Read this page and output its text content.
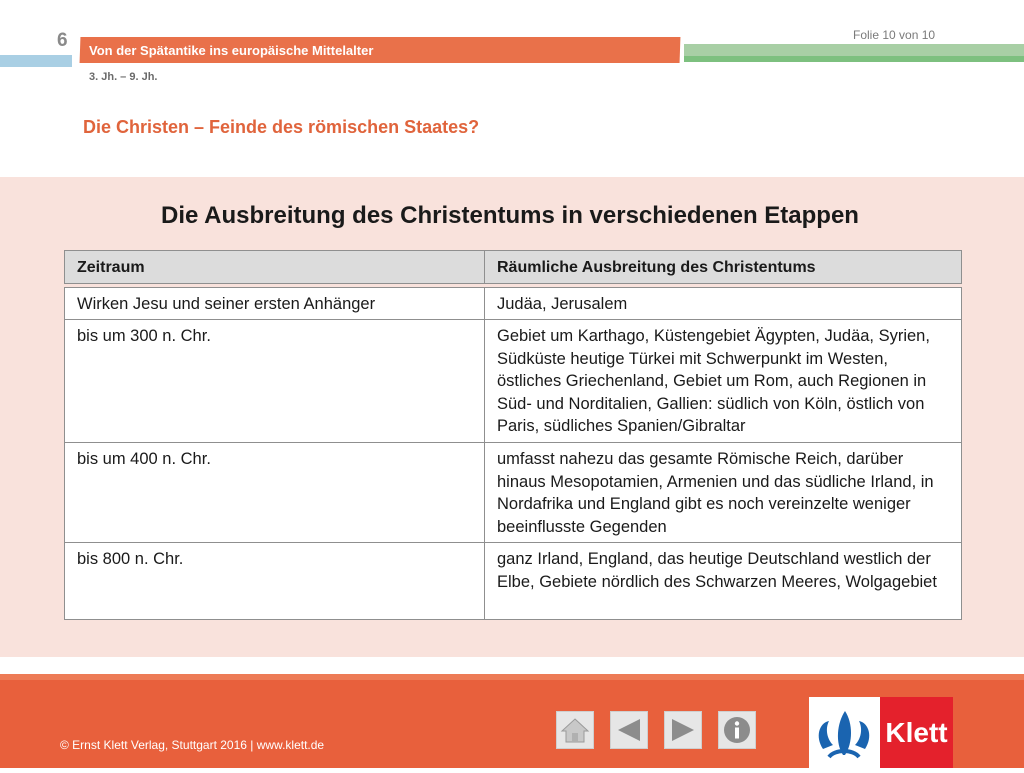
6 Von der Spätantike ins europäische Mittelalter
Folie 10 von 10
3. Jh. – 9. Jh.
Die Christen – Feinde des römischen Staates?
Die Ausbreitung des Christentums in verschiedenen Etappen
Zeitraum	Räumliche Ausbreitung des Christentums
Wirken Jesu und seiner ersten Anhänger	Judäa, Jerusalem
bis um 300 n. Chr.	Gebiet um Karthago, Küstengebiet Ägypten, Judäa, Syrien, Südküste heutige Türkei mit Schwerpunkt im Westen, östliches Griechenland, Gebiet um Rom, auch Regionen in Süd- und Norditalien, Gallien: südlich von Köln, östlich von Paris, südliches Spanien/Gibraltar
bis um 400 n. Chr.	umfasst nahezu das gesamte Römische Reich, darüber hinaus Mesopotamien, Armenien und das südliche Irland, in Nordafrika und England gibt es noch vereinzelte weniger beeinflusste Gegenden
bis 800 n. Chr.	ganz Irland, England, das heutige Deutschland westlich der Elbe, Gebiete nördlich des Schwarzen Meeres, Wolgagebiet
© Ernst Klett Verlag, Stuttgart 2016 | www.klett.de	Klett
